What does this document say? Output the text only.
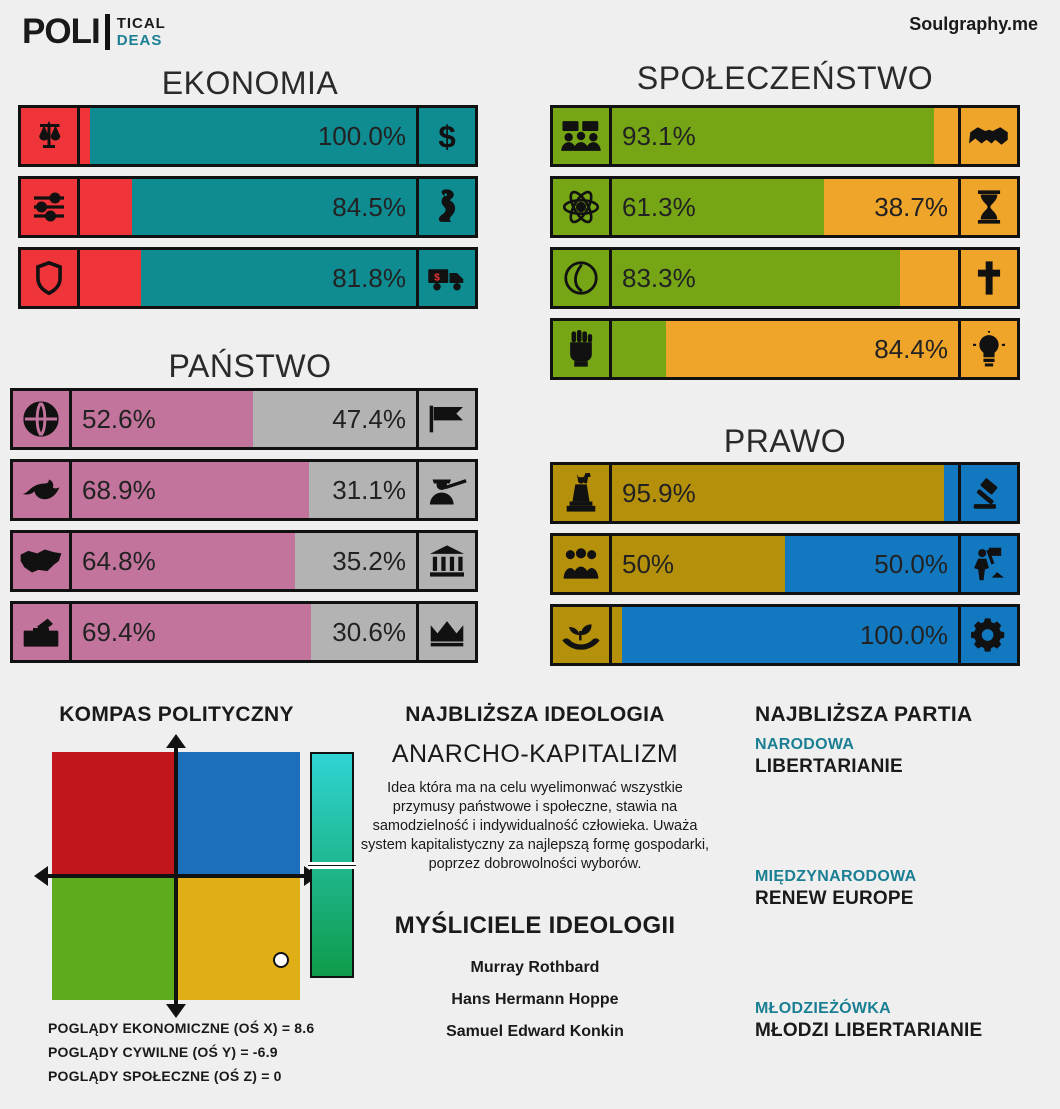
POLI TICAL
DEAS
Soulgraphy.me
EKONOMIA	SPOŁECZEŃSTWO
PAŃSTWO
PRAWO
KOMPAS POLITYCZNY
POGLĄDY EKONOMICZNE (OŚ X) = 8.6
POGLĄDY CYWILNE (OŚ Y) = -6.9
POGLĄDY SPOŁECZNE (OŚ Z) = 0
NAJBLIŻSZA IDEOLOGIA
ANARCHO-KAPITALIZM
Idea która ma na celu wyelimonwać wszystkie przymusy państwowe i społeczne, stawia na samodzielność i indywidualność człowieka. Uważa system kapitalistyczny za najlepszą formę gospodarki, poprzez dobrowolności wyborów.
MYŚLICIELE IDEOLOGII
Murray Rothbard
Hans Hermann Hoppe
Samuel Edward Konkin
NAJBLIŻSZA PARTIA
NARODOWA
LIBERTARIANIE
MIĘDZYNARODOWA
RENEW EUROPE
MŁODZIEŻÓWKA
MŁODZI LIBERTARIANIE
100.0%	$
84.5%
81.8%	$
93.1%
61.3%	38.7%
83.3%
84.4%
52.6%	47.4%
68.9%	31.1%
64.8%	35.2%
69.4%	30.6%
95.9%
50%	50.0%
100.0%
